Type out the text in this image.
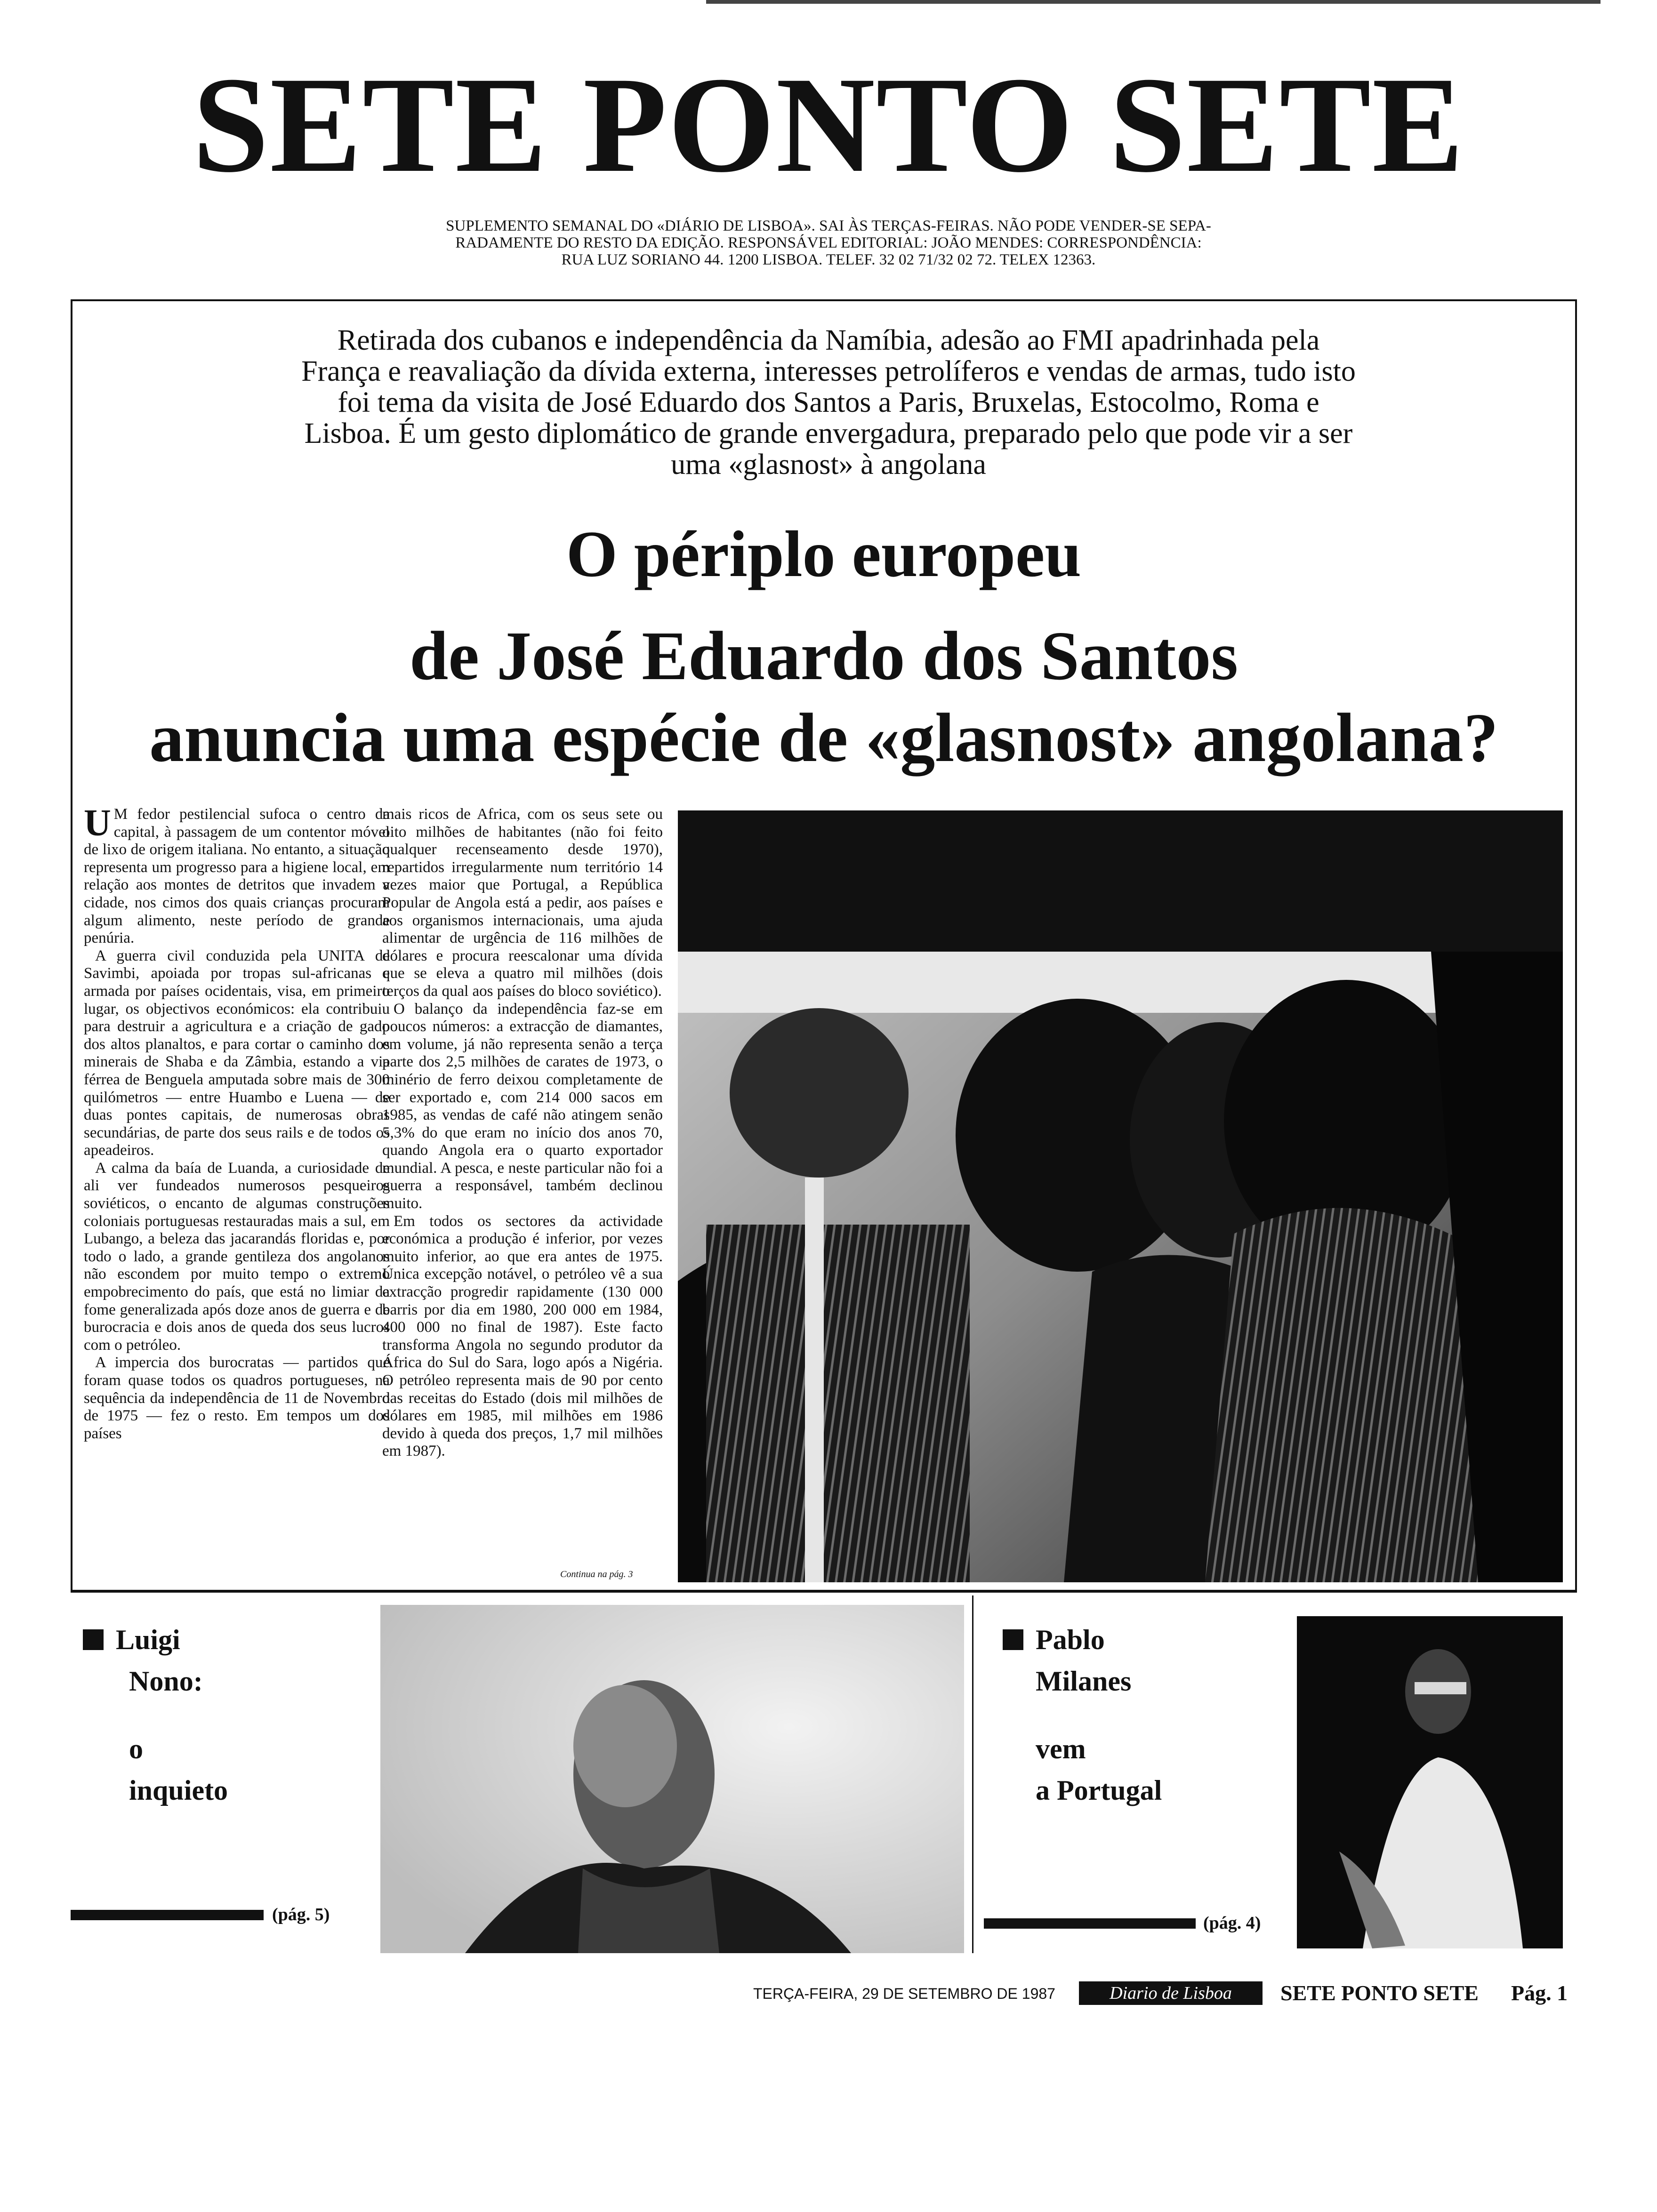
SETE PONTO SETE
SUPLEMENTO SEMANAL DO «DIÁRIO DE LISBOA». SAI ÀS TERÇAS-FEIRAS. NÃO PODE VENDER-SE SEPA-
RADAMENTE DO RESTO DA EDIÇÃO. RESPONSÁVEL EDITORIAL: JOÃO MENDES: CORRESPONDÊNCIA:
RUA LUZ SORIANO 44. 1200 LISBOA. TELEF. 32 02 71/32 02 72. TELEX 12363.
Retirada dos cubanos e independência da Namíbia, adesão ao FMI apadrinhada pela
França e reavaliação da dívida externa, interesses petrolíferos e vendas de armas, tudo isto
foi tema da visita de José Eduardo dos Santos a Paris, Bruxelas, Estocolmo, Roma e
Lisboa. É um gesto diplomático de grande envergadura, preparado pelo que pode vir a ser
uma «glasnost» à angolana
O périplo europeu
de José Eduardo dos Santos
anuncia uma espécie de «glasnost» angolana?

U M fedor pestilencial sufoca o centro da capital, à passagem de um contentor móvel de lixo de origem italiana. No entanto, a situação representa um progresso para a higiene local, em relação aos montes de detritos que invadem a cidade, nos cimos dos quais crianças procuram algum alimento, neste período de grande penúria.

A guerra civil conduzida pela UNITA de Savimbi, apoiada por tropas sul-africanas e armada por países ocidentais, visa, em primeiro lugar, os objectivos económicos: ela contribuiu para destruir a agricultura e a criação de gado dos altos planaltos, e para cortar o caminho dos minerais de Shaba e da Zâmbia, estando a via férrea de Benguela amputada sobre mais de 300 quilómetros — entre Huambo e Luena — de duas pontes capitais, de numerosas obras secundárias, de parte dos seus rails e de todos os apeadeiros.

A calma da baía de Luanda, a curiosidade de ali ver fundeados numerosos pesqueiros soviéticos, o encanto de algumas construções coloniais portuguesas restauradas mais a sul, em Lubango, a beleza das jacarandás floridas e, por todo o lado, a grande gentileza dos angolanos não escondem por muito tempo o extremo empobrecimento do país, que está no limiar da fome generalizada após doze anos de guerra e de burocracia e dois anos de queda dos seus lucros com o petróleo.

A impercia dos burocratas — partidos que foram quase todos os quadros portugueses, na sequência da independência de 11 de Novembro de 1975 — fez o resto. Em tempos um dos países

mais ricos de Africa, com os seus sete ou oito milhões de habitantes (não foi feito qualquer recenseamento desde 1970), repartidos irregularmente num território 14 vezes maior que Portugal, a República Popular de Angola está a pedir, aos países e aos organismos internacionais, uma ajuda alimentar de urgência de 116 milhões de dólares e procura reescalonar uma dívida que se eleva a quatro mil milhões (dois terços da qual aos países do bloco soviético).

O balanço da independência faz-se em poucos números: a extracção de diamantes, em volume, já não representa senão a terça parte dos 2,5 milhões de carates de 1973, o minério de ferro deixou completamente de ser exportado e, com 214 000 sacos em 1985, as vendas de café não atingem senão 5,3% do que eram no início dos anos 70, quando Angola era o quarto exportador mundial. A pesca, e neste particular não foi a guerra a responsável, também declinou muito.

Em todos os sectores da actividade económica a produção é inferior, por vezes muito inferior, ao que era antes de 1975. Única excepção notável, o petróleo vê a sua extracção progredir rapidamente (130 000 barris por dia em 1980, 200 000 em 1984, 400 000 no final de 1987). Este facto transforma Angola no segundo produtor da África do Sul do Sara, logo após a Nigéria. O petróleo representa mais de 90 por cento das receitas do Estado (dois mil milhões de dólares em 1985, mil milhões em 1986 devido à queda dos preços, 1,7 mil milhões em 1987).

Continua na pág. 3
Luigi
Nono:
o
inquieto
(pág. 5)
Pablo
Milanes
vem
a Portugal
(pág. 4)
TERÇA-FEIRA, 29 DE SETEMBRO DE 1987	Diario de Lisboa	SETE PONTO SETE Pág. 1
